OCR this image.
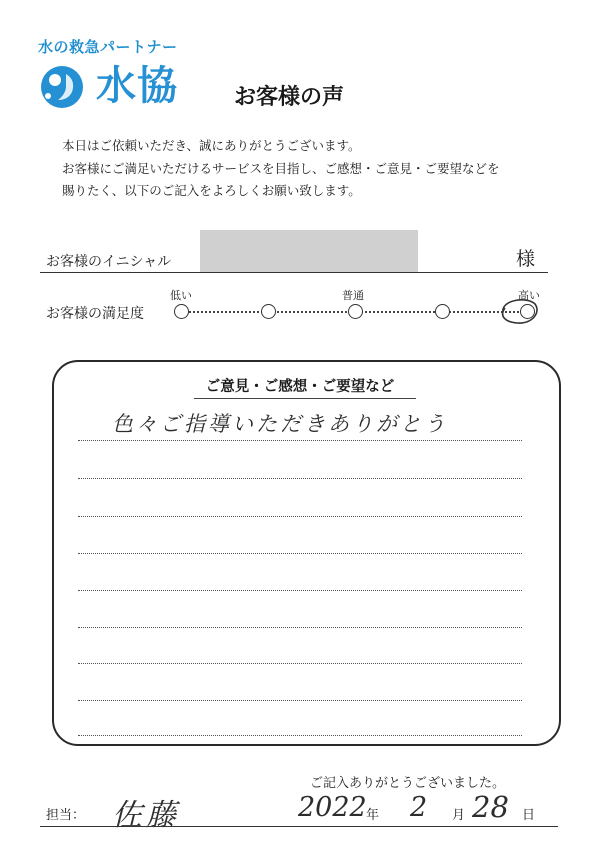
水の救急パートナー
水協	お客様の声
本日はご依頼いただき、誠にありがとうございます。
お客様にご満足いただけるサービスを目指し、ご感想・ご意見・ご要望などを
賜りたく、以下のご記入をよろしくお願い致します。
お客様のイニシャル	様
お客様の満足度
低い	普通	高い
ご意見・ご感想・ご要望など
色々ご指導いただきありがとう
ご記入ありがとうございました。
担当： 佐藤	2022 年 2 月 28 日
